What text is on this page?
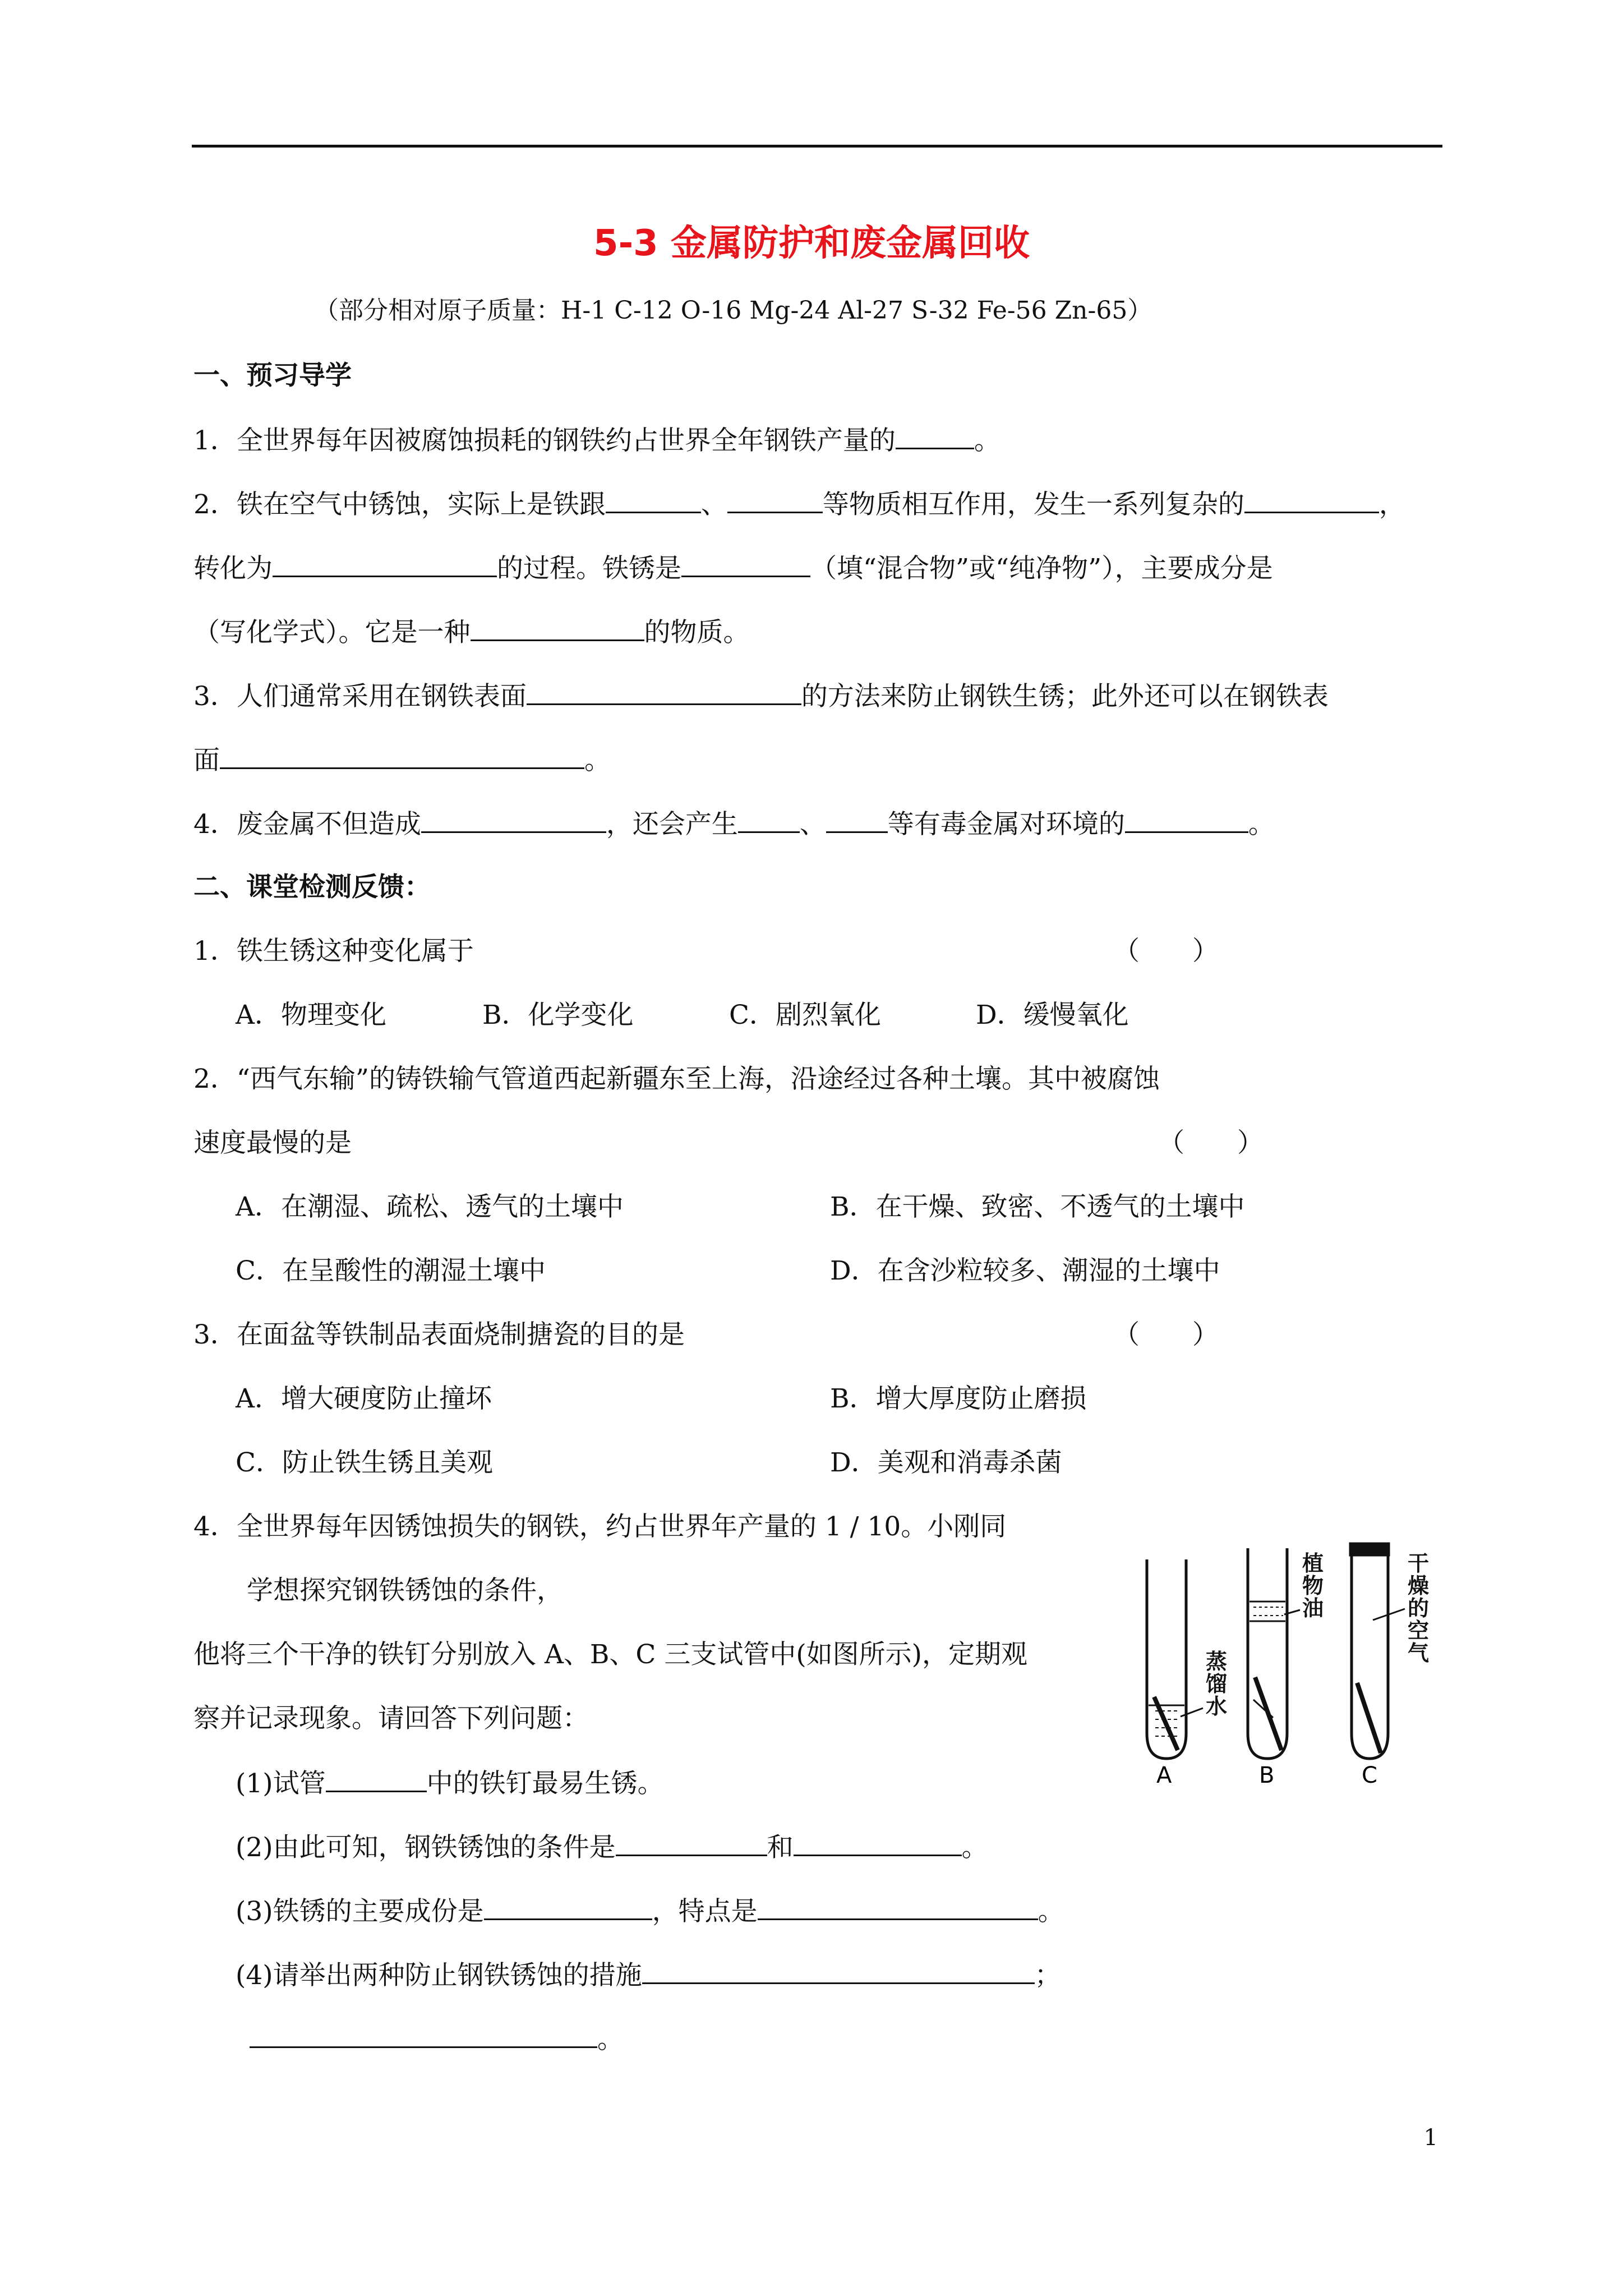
5-3 金属防护和废金属回收
（部分相对原子质量：H-1 C-12 O-16 Mg-24 Al-27 S-32 Fe-56 Zn-65）
一、预习导学
1．全世界每年因被腐蚀损耗的钢铁约占世界全年钢铁产量的	。
2．铁在空气中锈蚀，实际上是铁跟	、	等物质相互作用，发生一系列复杂的	，
转化为	的过程。铁锈是	（填“混合物”或“纯净物”），主要成分是
（写化学式）。它是一种	的物质。
3．人们通常采用在钢铁表面	的方法来防止钢铁生锈；此外还可以在钢铁表
面	。
4．废金属不但造成	，还会产生 、 等有毒金属对环境的	。
二、课堂检测反馈：
1．铁生锈这种变化属于	（　　）
A．物理变化	B．化学变化	C．剧烈氧化	D．缓慢氧化
2．“西气东输”的铸铁输气管道西起新疆东至上海，沿途经过各种土壤。其中被腐蚀
速度最慢的是	（　　）
A．在潮湿、疏松、透气的土壤中	B．在干燥、致密、不透气的土壤中
C．在呈酸性的潮湿土壤中	D．在含沙粒较多、潮湿的土壤中
3．在面盆等铁制品表面烧制搪瓷的目的是	（　　）
A．增大硬度防止撞坏	B．增大厚度防止磨损
C．防止铁生锈且美观	D．美观和消毒杀菌
4．全世界每年因锈蚀损失的钢铁，约占世界年产量的 1 / 10。小刚同
学想探究钢铁锈蚀的条件，
他将三个干净的铁钉分别放入 A、B、C 三支试管中(如图所示)，定期观
察并记录现象。请回答下列问题：
(1)试管	中的铁钉最易生锈。
(2)由此可知，钢铁锈蚀的条件是	和	。
(3)铁锈的主要成份是	，特点是	。
(4)请举出两种防止钢铁锈蚀的措施	；
。
蒸馏水
植物油
干燥的空气
A	B	C
1
